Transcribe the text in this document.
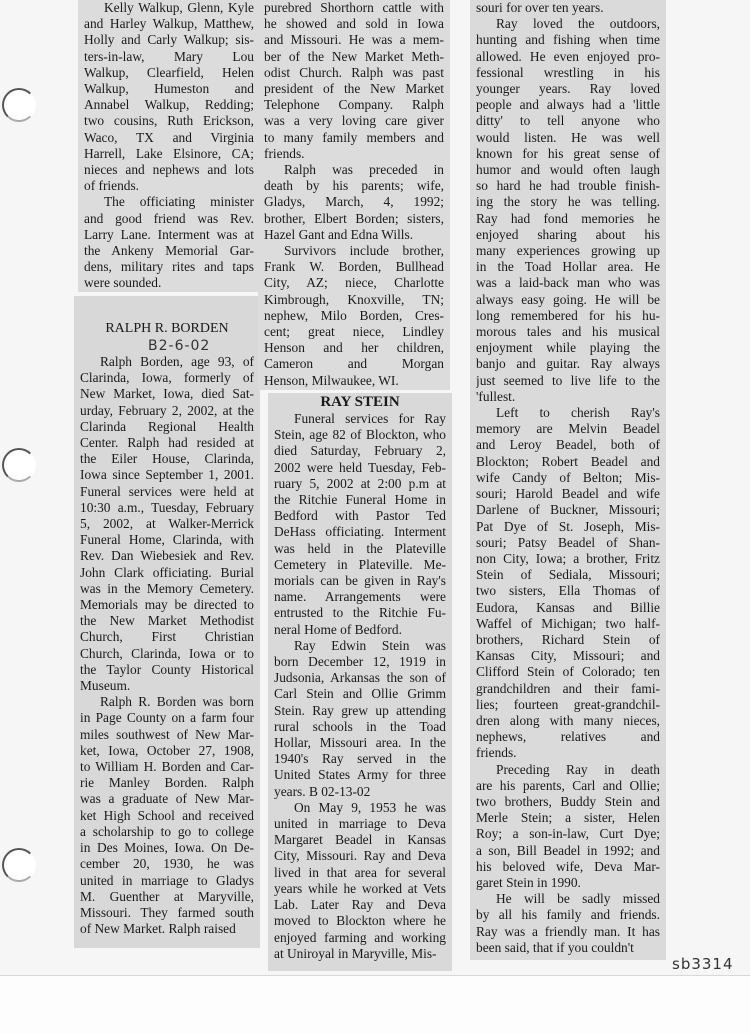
Kelly Walkup, Glenn, Kyle
and Harley Walkup, Matthew,
Holly and Carly Walkup; sis-
ters-in-law, Mary Lou
Walkup, Clearfield, Helen
Walkup, Humeston and
Annabel Walkup, Redding;
two cousins, Ruth Erickson,
Waco, TX and Virginia
Harrell, Lake Elsinore, CA;
nieces and nephews and lots
of friends.
The officiating minister
and good friend was Rev.
Larry Lane. Interment was at
the Ankeny Memorial Gar-
dens, military rites and taps
were sounded.
RALPH R. BORDEN
B2-6-02
Ralph Borden, age 93, of
Clarinda, Iowa, formerly of
New Market, Iowa, died Sat-
urday, February 2, 2002, at the
Clarinda Regional Health
Center. Ralph had resided at
the Eiler House, Clarinda,
Iowa since September 1, 2001.
Funeral services were held at
10:30 a.m., Tuesday, February
5, 2002, at Walker-Merrick
Funeral Home, Clarinda, with
Rev. Dan Wiebesiek and Rev.
John Clark officiating. Burial
was in the Memory Cemetery.
Memorials may be directed to
the New Market Methodist
Church, First Christian
Church, Clarinda, Iowa or to
the Taylor County Historical
Museum.
Ralph R. Borden was born
in Page County on a farm four
miles southwest of New Mar-
ket, Iowa, October 27, 1908,
to William H. Borden and Car-
rie Manley Borden. Ralph
was a graduate of New Mar-
ket High School and received
a scholarship to go to college
in Des Moines, Iowa. On De-
cember 20, 1930, he was
united in marriage to Gladys
M. Guenther at Maryville,
Missouri. They farmed south
of New Market. Ralph raised
purebred Shorthorn cattle with
he showed and sold in Iowa
and Missouri. He was a mem-
ber of the New Market Meth-
odist Church. Ralph was past
president of the New Market
Telephone Company. Ralph
was a very loving care giver
to many family members and
friends.
Ralph was preceded in
death by his parents; wife,
Gladys, March, 4, 1992;
brother, Elbert Borden; sisters,
Hazel Gant and Edna Wills.
Survivors include brother,
Frank W. Borden, Bullhead
City, AZ; niece, Charlotte
Kimbrough, Knoxville, TN;
nephew, Milo Borden, Cres-
cent; great niece, Lindley
Henson and her children,
Cameron and Morgan
Henson, Milwaukee, WI.
RAY STEIN
Funeral services for Ray
Stein, age 82 of Blockton, who
died Saturday, February 2,
2002 were held Tuesday, Feb-
ruary 5, 2002 at 2:00 p.m at
the Ritchie Funeral Home in
Bedford with Pastor Ted
DeHass officiating. Interment
was held in the Plateville
Cemetery in Plateville. Me-
morials can be given in Ray's
name. Arrangements were
entrusted to the Ritchie Fu-
neral Home of Bedford.
Ray Edwin Stein was
born December 12, 1919 in
Judsonia, Arkansas the son of
Carl Stein and Ollie Grimm
Stein. Ray grew up attending
rural schools in the Toad
Hollar, Missouri area. In the
1940's Ray served in the
United States Army for three
years. B 02-13-02
On May 9, 1953 he was
united in marriage to Deva
Margaret Beadel in Kansas
City, Missouri. Ray and Deva
lived in that area for several
years while he worked at Vets
Lab. Later Ray and Deva
moved to Blockton where he
enjoyed farming and working
at Uniroyal in Maryville, Mis-
souri for over ten years.
Ray loved the outdoors,
hunting and fishing when time
allowed. He even enjoyed pro-
fessional wrestling in his
younger years. Ray loved
people and always had a 'little
ditty' to tell anyone who
would listen. He was well
known for his great sense of
humor and would often laugh
so hard he had trouble finish-
ing the story he was telling.
Ray had fond memories he
enjoyed sharing about his
many experiences growing up
in the Toad Hollar area. He
was a laid-back man who was
always easy going. He will be
long remembered for his hu-
morous tales and his musical
enjoyment while playing the
banjo and guitar. Ray always
just seemed to live life to the
'fullest.
Left to cherish Ray's
memory are Melvin Beadel
and Leroy Beadel, both of
Blockton; Robert Beadel and
wife Candy of Belton; Mis-
souri; Harold Beadel and wife
Darlene of Buckner, Missouri;
Pat Dye of St. Joseph, Mis-
souri; Patsy Beadel of Shan-
non City, Iowa; a brother, Fritz
Stein of Sediala, Missouri;
two sisters, Ella Thomas of
Eudora, Kansas and Billie
Waffel of Michigan; two half-
brothers, Richard Stein of
Kansas City, Missouri; and
Clifford Stein of Colorado; ten
grandchildren and their fami-
lies; fourteen great-grandchil-
dren along with many nieces,
nephews, relatives and
friends.
Preceding Ray in death
are his parents, Carl and Ollie;
two brothers, Buddy Stein and
Merle Stein; a sister, Helen
Roy; a son-in-law, Curt Dye;
a son, Bill Beadel in 1992; and
his beloved wife, Deva Mar-
garet Stein in 1990.
He will be sadly missed
by all his family and friends.
Ray was a friendly man. It has
been said, that if you couldn't
sb3314
